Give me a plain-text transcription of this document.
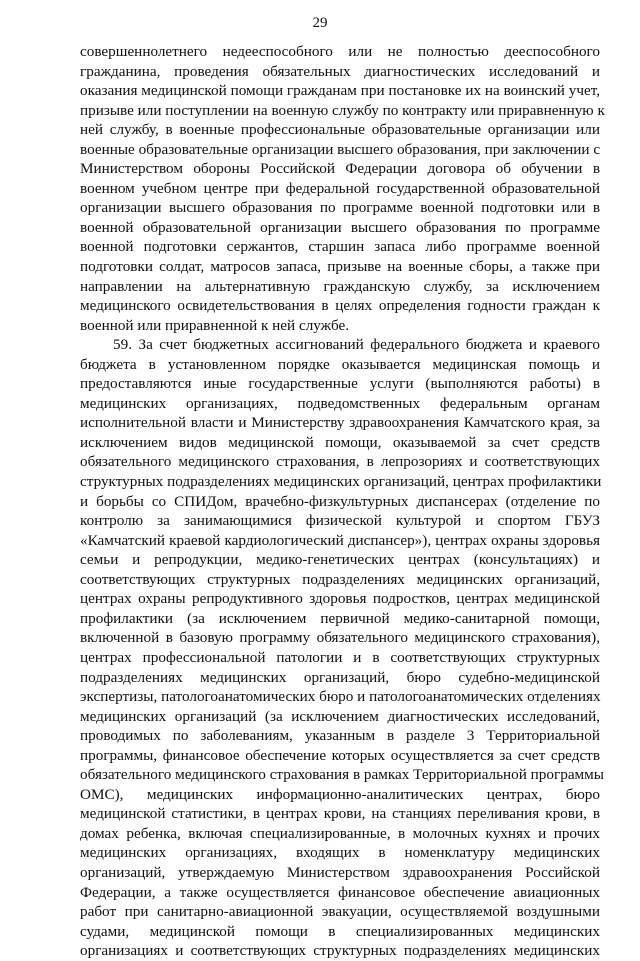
29
совершеннолетнего недееспособного или не полностью дееспособного
гражданина, проведения обязательных диагностических исследований и
оказания медицинской помощи гражданам при постановке их на воинский учет,
призыве или поступлении на военную службу по контракту или приравненную к
ней службу, в военные профессиональные образовательные организации или
военные образовательные организации высшего образования, при заключении с
Министерством обороны Российской Федерации договора об обучении в
военном учебном центре при федеральной государственной образовательной
организации высшего образования по программе военной подготовки или в
военной образовательной организации высшего образования по программе
военной подготовки сержантов, старшин запаса либо программе военной
подготовки солдат, матросов запаса, призыве на военные сборы, а также при
направлении на альтернативную гражданскую службу, за исключением
медицинского освидетельствования в целях определения годности граждан к
военной или приравненной к ней службе.
59. За счет бюджетных ассигнований федерального бюджета и краевого
бюджета в установленном порядке оказывается медицинская помощь и
предоставляются иные государственные услуги (выполняются работы) в
медицинских организациях, подведомственных федеральным органам
исполнительной власти и Министерству здравоохранения Камчатского края, за
исключением видов медицинской помощи, оказываемой за счет средств
обязательного медицинского страхования, в лепрозориях и соответствующих
структурных подразделениях медицинских организаций, центрах профилактики
и борьбы со СПИДом, врачебно-физкультурных диспансерах (отделение по
контролю за занимающимися физической культурой и спортом ГБУЗ
«Камчатский краевой кардиологический диспансер»), центрах охраны здоровья
семьи и репродукции, медико-генетических центрах (консультациях) и
соответствующих структурных подразделениях медицинских организаций,
центрах охраны репродуктивного здоровья подростков, центрах медицинской
профилактики (за исключением первичной медико-санитарной помощи,
включенной в базовую программу обязательного медицинского страхования),
центрах профессиональной патологии и в соответствующих структурных
подразделениях медицинских организаций, бюро судебно-медицинской
экспертизы, патологоанатомических бюро и патологоанатомических отделениях
медицинских организаций (за исключением диагностических исследований,
проводимых по заболеваниям, указанным в разделе 3 Территориальной
программы, финансовое обеспечение которых осуществляется за счет средств
обязательного медицинского страхования в рамках Территориальной программы
ОМС), медицинских информационно-аналитических центрах, бюро
медицинской статистики, в центрах крови, на станциях переливания крови, в
домах ребенка, включая специализированные, в молочных кухнях и прочих
медицинских организациях, входящих в номенклатуру медицинских
организаций, утверждаемую Министерством здравоохранения Российской
Федерации, а также осуществляется финансовое обеспечение авиационных
работ при санитарно-авиационной эвакуации, осуществляемой воздушными
судами, медицинской помощи в специализированных медицинских
организациях и соответствующих структурных подразделениях медицинских
